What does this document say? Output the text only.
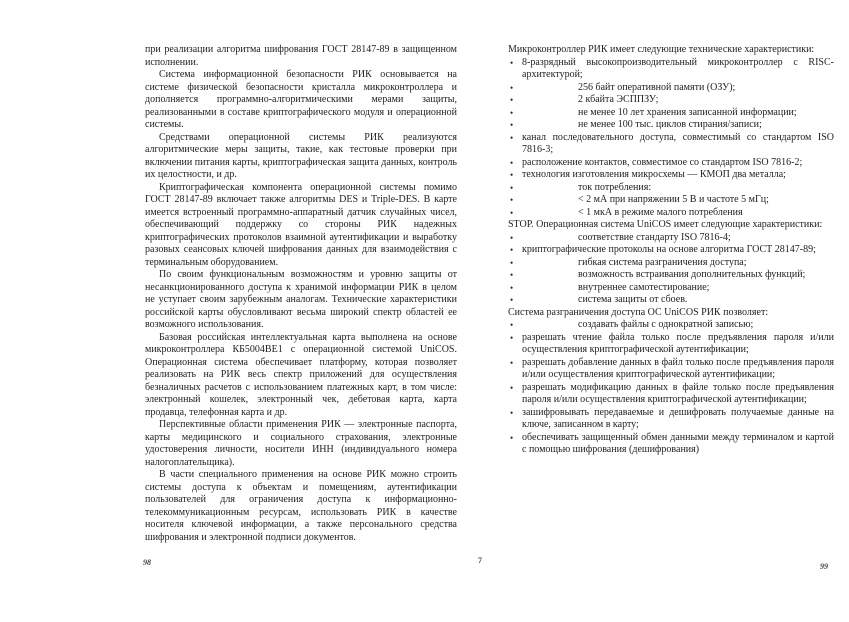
при реализации алгоритма шифрования ГОСТ 28147-89 в защищенном исполнении.

Система информационной безопасности РИК основывается на системе физической безопасности кристалла микроконтроллера и дополняется программно-алгоритмическими мерами защиты, реализованными в составе криптографического модуля и операционной системы.

Средствами операционной системы РИК реализуются алгоритмические меры защиты, такие, как тестовые проверки при включении питания карты, криптографическая защита данных, контроль их целостности, и др.

Криптографическая компонента операционной системы помимо ГОСТ 28147-89 включает также алгоритмы DES и Triple-DES. В карте имеется встроенный программно-аппаратный датчик случайных чисел, обеспечивающий поддержку со стороны РИК надежных криптографических протоколов взаимной аутентификации и выработку разовых сеансовых ключей шифрования данных для взаимодействия с терминальным оборудованием.

По своим функциональным возможностям и уровню защиты от несанкционированного доступа к хранимой информации РИК в целом не уступает своим зарубежным аналогам. Технические характеристики российской карты обусловливают весьма широкий спектр областей ее возможного использования.

Базовая российская интеллектуальная карта выполнена на основе микроконтроллера КБ5004ВЕ1 с операционной системой UniCOS. Операционная система обеспечивает платформу, которая позволяет реализовать на РИК весь спектр приложений для осуществления безналичных расчетов с использованием платежных карт, в том числе: электронный кошелек, электронный чек, дебетовая карта, карта продавца, телефонная карта и др.

Перспективные области применения РИК — электронные паспорта, карты медицинского и социального страхования, электронные удостоверения личности, носители ИНН (индивидуального номера налогоплательщика).

В части специального применения на основе РИК можно строить системы доступа к объектам и помещениям, аутентификации пользователей для ограничения доступа к информационно-телекоммуникационным ресурсам, использовать РИК в качестве носителя ключевой информации, а также персонального средства шифрования и электронной подписи документов.

98	7

Микроконтроллер РИК имеет следующие технические характеристики:

• 8-разрядный высокопроизводительный микроконтроллер с RISC-архитектурой;
• 256 байт оперативной памяти (ОЗУ);
• 2 кбайта ЭСППЗУ;
• не менее 10 лет хранения записанной информации;
• не менее 100 тыс. циклов стирания/записи;
• канал последовательного доступа, совместимый со стандартом ISO 7816-3;
• расположение контактов, совместимое со стандартом ISO 7816-2;
• технология изготовления микросхемы — КМОП два металла;
• ток потребления:
• < 2 мА при напряжении 5 В и частоте 5 мГц;
• < 1 мкА в режиме малого потребления

STOP. Операционная система UniCOS имеет следующие характеристики:

• соответствие стандарту ISO 7816-4;
• криптографические протоколы на основе алгоритма ГОСТ 28147-89;
• гибкая система разграничения доступа;
• возможность встраивания дополнительных функций;
• внутреннее самотестирование;
• система защиты от сбоев.

Система разграничения доступа ОС UniCOS РИК позволяет:

• создавать файлы с однократной записью;
• разрешать чтение файла только после предъявления пароля и/или осуществления криптографической аутентификации;
• разрешать добавление данных в файл только после предъявления пароля и/или осуществления криптографической аутентификации;
• разрешать модификацию данных в файле только после предъявления пароля и/или осуществления криптографической аутентификации;
• зашифровывать передаваемые и дешифровать получаемые данные на ключе, записанном в карту;
• обеспечивать защищенный обмен данными между терминалом и картой с помощью шифрования (дешифрования)
99
